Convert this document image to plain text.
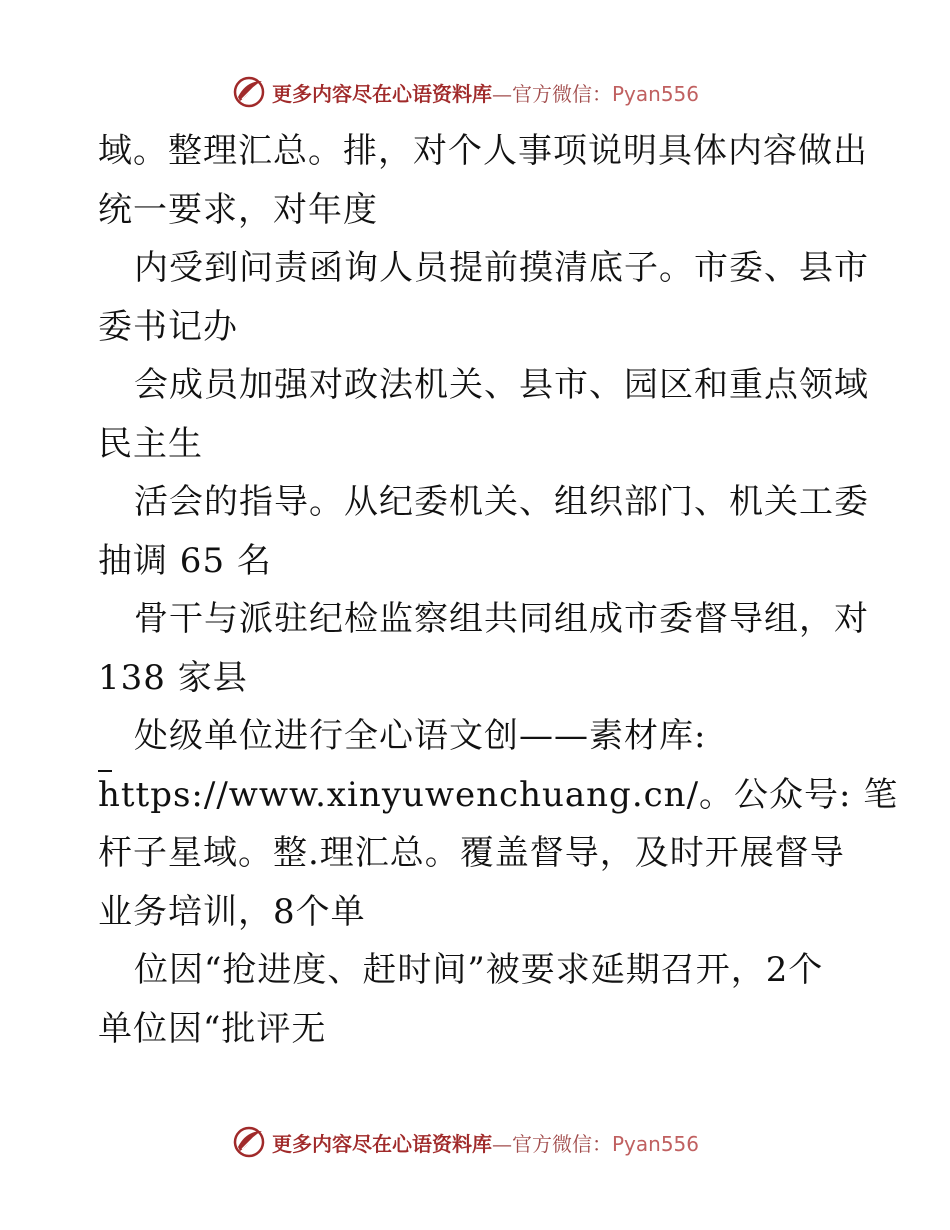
更多内容尽在心语资料库—官方微信：Pyan556
域。整理汇总。排，对个人事项说明具体内容做出
统一要求，对年度
内受到问责函询人员提前摸清底子。市委、县市
委书记办
会成员加强对政法机关、县市、园区和重点领域
民主生
活会的指导。从纪委机关、组织部门、机关工委
抽调 65 名
骨干与派驻纪检监察组共同组成市委督导组，对
138 家县
处级单位进行全心语文创——素材库:
https://www.xinyuwenchuang.cn/。公众号: 笔
杆子星域。整.理汇总。覆盖督导，及时开展督导
业务培训，8个单
位因“抢进度、赶时间”被要求延期召开，2个
单位因“批评无
更多内容尽在心语资料库—官方微信：Pyan556
